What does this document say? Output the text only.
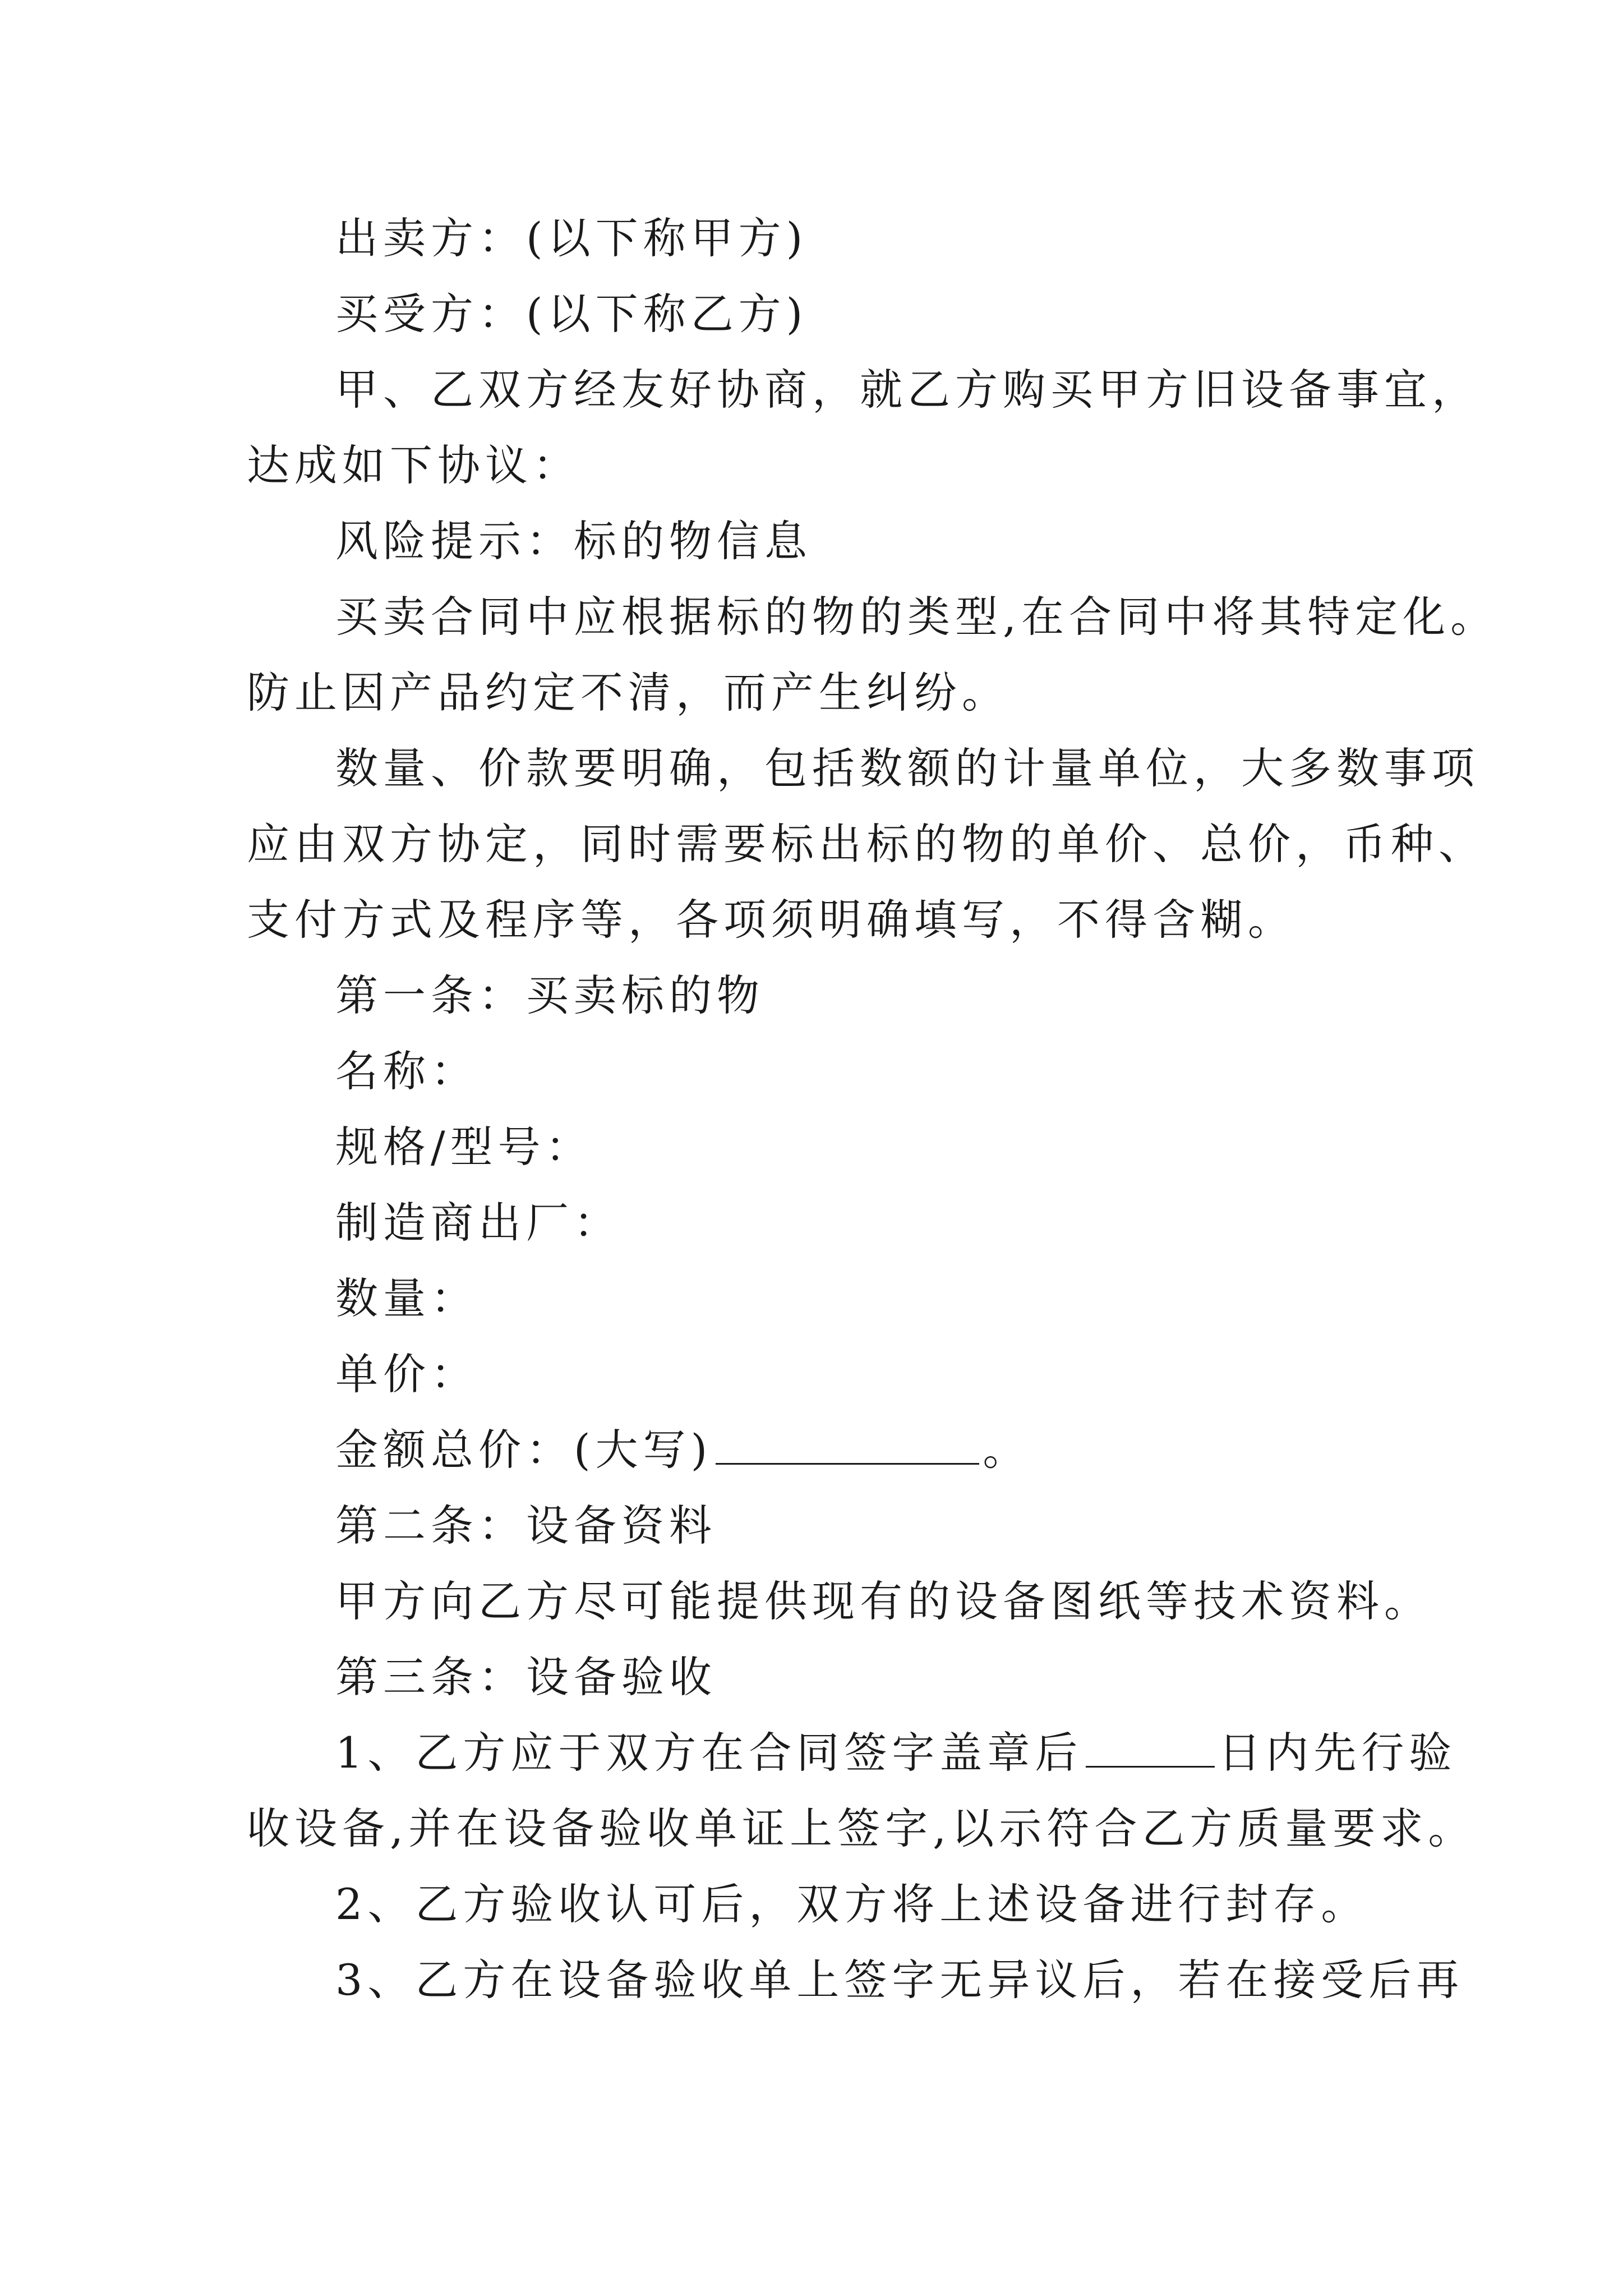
出卖方：(以下称甲方)
买受方：(以下称乙方)
甲、乙双方经友好协商，就乙方购买甲方旧设备事宜，
达成如下协议：
风险提示：标的物信息
买卖合同中应根据标的物的类型,在合同中将其特定化。
防止因产品约定不清，而产生纠纷。
数量、价款要明确，包括数额的计量单位，大多数事项
应由双方协定，同时需要标出标的物的单价、总价，币种、
支付方式及程序等，各项须明确填写，不得含糊。
第一条：买卖标的物
名称：
规格/型号：
制造商出厂：
数量：
单价：
金额总价：(大写)	。
第二条：设备资料
甲方向乙方尽可能提供现有的设备图纸等技术资料。
第三条：设备验收
1、乙方应于双方在合同签字盖章后	日内先行验
收设备,并在设备验收单证上签字,以示符合乙方质量要求。
2、乙方验收认可后，双方将上述设备进行封存。
3、乙方在设备验收单上签字无异议后，若在接受后再
